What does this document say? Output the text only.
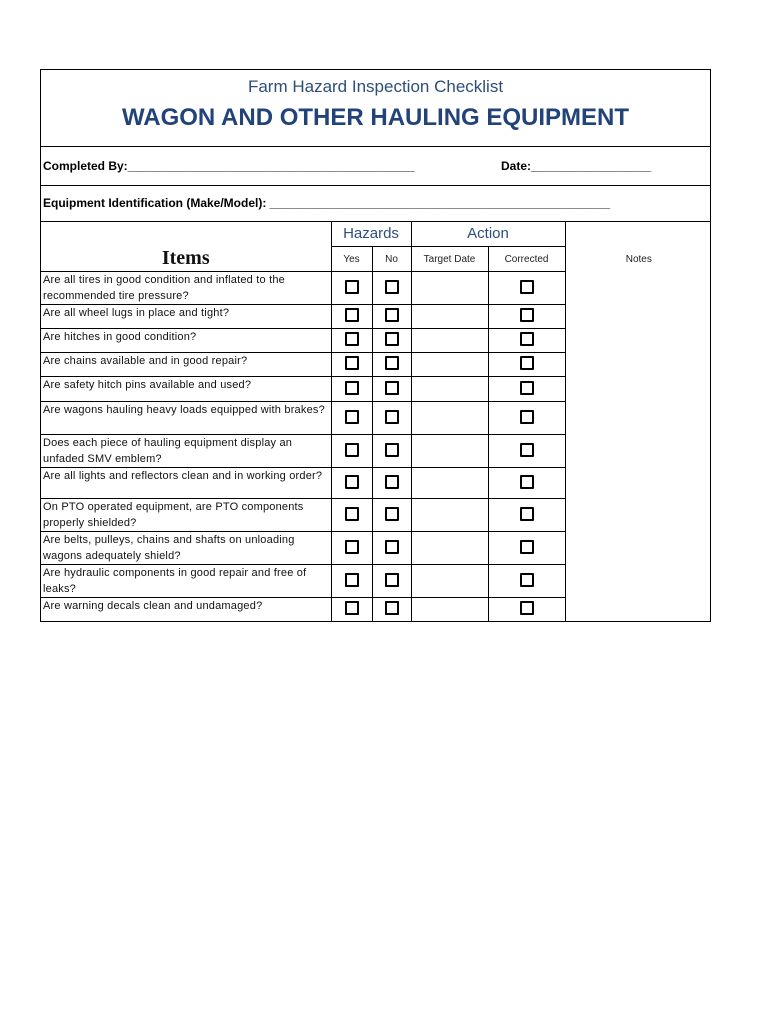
Farm Hazard Inspection Checklist
WAGON AND OTHER HAULING EQUIPMENT
Completed By:___________________________________________	Date:__________________
Equipment Identification (Make/Model): ___________________________________________________
	Hazards		Action		
Items	Yes	No	Target Date	Corrected	Notes
Are all tires in good condition and inflated to the recommended tire pressure?					
Are all wheel lugs in place and tight?					
Are hitches in good condition?					
Are chains available and in good repair?					
Are safety hitch pins available and used?					
Are wagons hauling heavy loads equipped with brakes?					
Does each piece of hauling equipment display an unfaded SMV emblem?					
Are all lights and reflectors clean and in working order?					
On PTO operated equipment, are PTO components properly shielded?					
Are belts, pulleys, chains and shafts on unloading wagons adequately shield?					
Are hydraulic components in good repair and free of leaks?					
Are warning decals clean and undamaged?					
